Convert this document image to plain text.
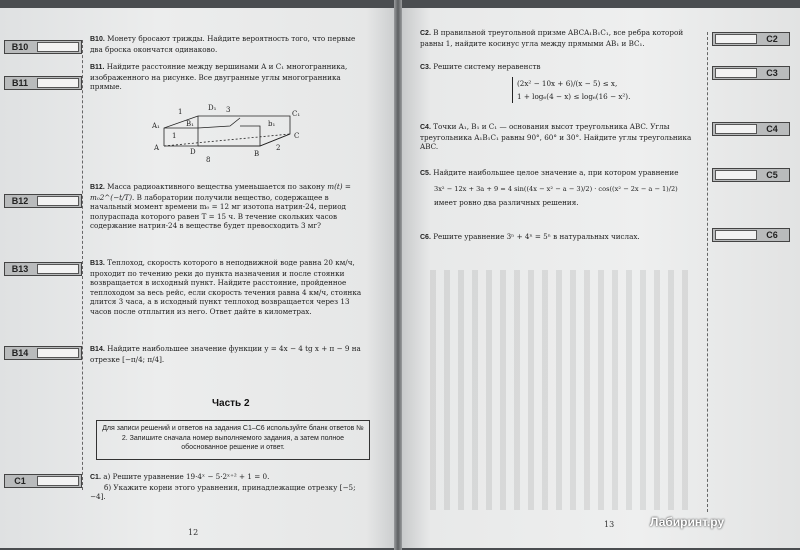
B10
B11
B12
B13
B14
C1
C2
C3
C4
C5
C6
B10. Монету бросают трижды. Найдите вероятность того, что первые два броска окончатся одинаково.
B11. Найдите расстояние между вершинами A и C₁ многогранника, изображенного на рисунке. Все двугранные углы многогранника прямые.
A₁	B₁
D₁
C₁
A	D	B
C
1	3
1
b₁
8
2
B12. Масса радиоактивного вещества уменьшается по закону m(t) = m₀2^(−t/T). В лаборатории получили вещество, содержащее в начальный момент времени m₀ = 12 мг изотопа натрия-24, период полураспада которого равен T = 15 ч. В течение скольких часов содержание натрия-24 в веществе будет превосходить 3 мг?
B13. Теплоход, скорость которого в неподвижной воде равна 20 км/ч, проходит по течению реки до пункта назначения и после стоянки возвращается в исходный пункт. Найдите расстояние, пройденное теплоходом за весь рейс, если скорость течения равна 4 км/ч, стоянка длится 3 часа, а в исходный пункт теплоход возвращается через 13 часов после отплытия из него. Ответ дайте в километрах.
B14. Найдите наибольшее значение функции y = 4x − 4 tg x + π − 9 на
отрезке [−π/4; π/4].
Часть 2
Для записи решений и ответов на задания С1–С6 используйте бланк ответов № 2. Запишите сначала номер выполняемого задания, а затем полное обоснованное решение и ответ.
C1. а) Решите уравнение 19·4ˣ − 5·2ˣ⁺² + 1 = 0.
б) Укажите корни этого уравнения, принадлежащие отрезку [−5; −4].
12
C2. В правильной треугольной призме ABCA₁B₁C₁, все ребра которой равны 1, найдите косинус угла между прямыми AB₁ и BC₁.
C3. Решите систему неравенств
(2x² − 10x + 6)/(x − 5) ≤ x,
1 + log₆(4 − x) ≤ log₆(16 − x²).
C4. Точки A₁, B₁ и C₁ — основания высот треугольника ABC. Углы треугольника A₁B₁C₁ равны 90°, 60° и 30°. Найдите углы треугольника ABC.
C5. Найдите наибольшее целое значение a, при котором уравнение
3x² − 12x + 3a + 9 = 4 sin((4x − x² − a − 3)/2) · cos((x² − 2x − a − 1)/2)
имеет ровно два различных решения.
C6. Решите уравнение 3ⁿ + 4ⁿ = 5ⁿ в натуральных числах.
13	Лабиринт.ру
